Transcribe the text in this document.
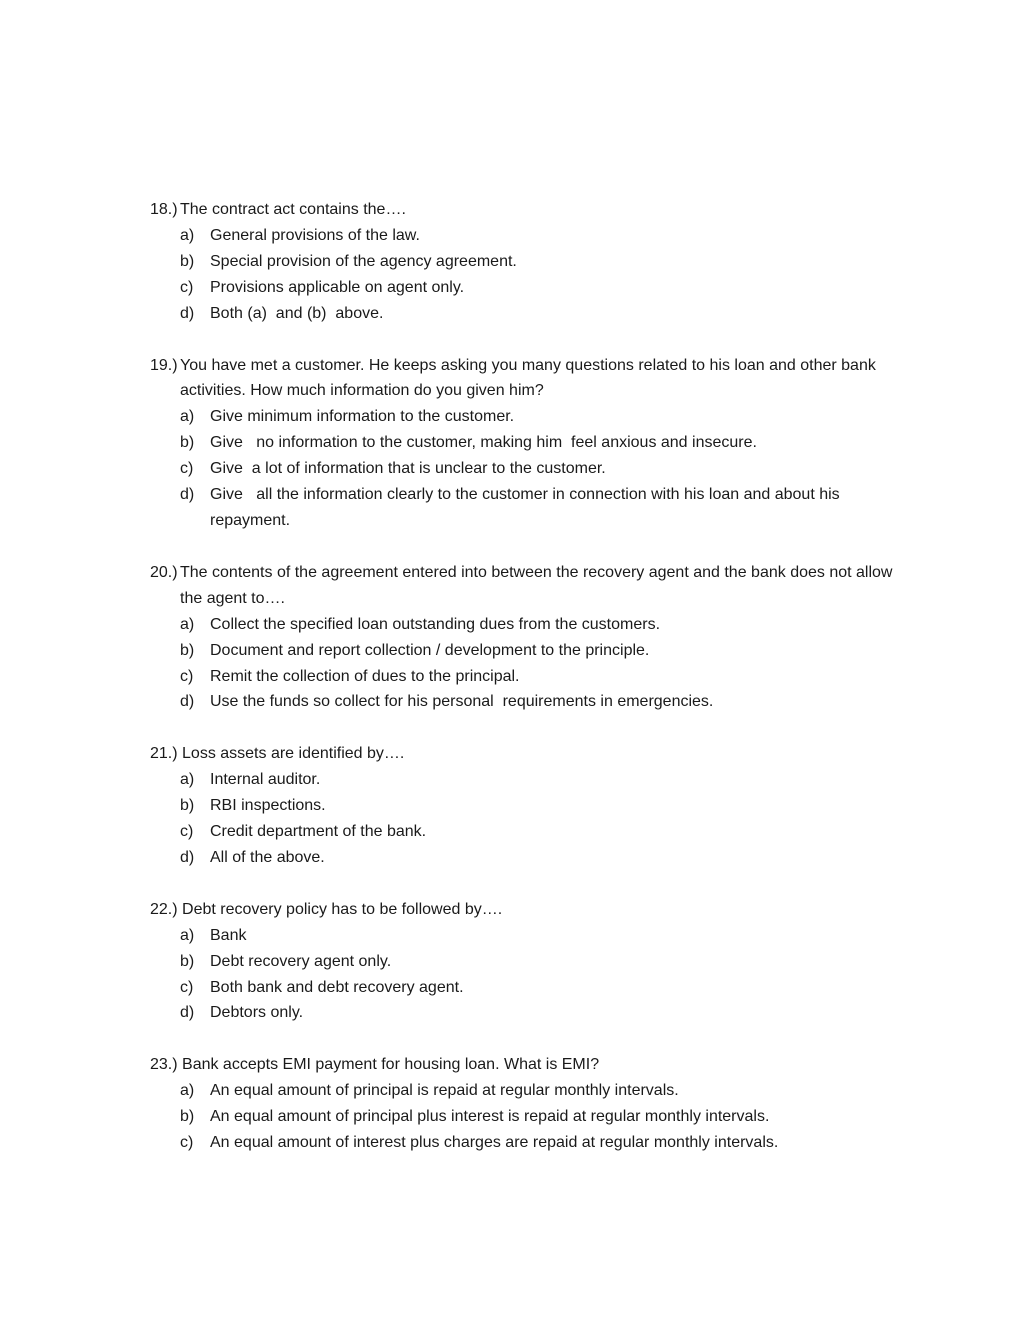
18.) The contract act contains the….
a) General provisions of the law.
b) Special provision of the agency agreement.
c)	Provisions applicable on agent only.
d) Both (a)  and (b)  above.
19.) You have met a customer. He keeps asking you many questions related to his loan and other bank activities. How much information do you given him?
a) Give minimum information to the customer.
b) Give   no information to the customer, making him  feel anxious and insecure.
c)	Give  a lot of information that is unclear to the customer.
d) Give   all the information clearly to the customer in connection with his loan and about his repayment.
20.) The contents of the agreement entered into between the recovery agent and the bank does not allow the agent to….
a) Collect the specified loan outstanding dues from the customers.
b) Document and report collection / development to the principle.
c)	Remit the collection of dues to the principal.
d) Use the funds so collect for his personal  requirements in emergencies.
21.) Loss assets are identified by….
a) Internal auditor.
b) RBI inspections.
c)	Credit department of the bank.
d) All of the above.
22.) Debt recovery policy has to be followed by….
a) Bank
b) Debt recovery agent only.
c)	Both bank and debt recovery agent.
d) Debtors only.
23.) Bank accepts EMI payment for housing loan. What is EMI?
a) An equal amount of principal is repaid at regular monthly intervals.
b) An equal amount of principal plus interest is repaid at regular monthly intervals.
c)	An equal amount of interest plus charges are repaid at regular monthly intervals.
